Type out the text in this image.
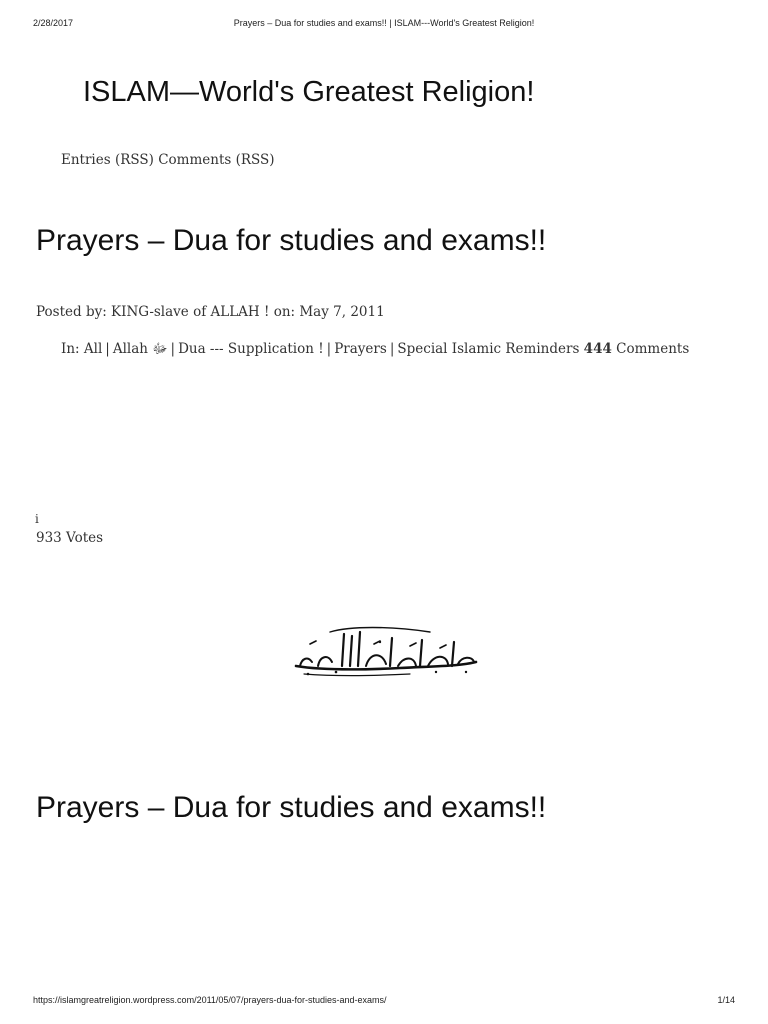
2/28/2017	Prayers – Dua for studies and exams!! | ISLAM---World's Greatest Religion!
ISLAM—World's Greatest Religion!
Entries (RSS) Comments (RSS)
Prayers – Dua for studies and exams!!
Posted by: KING-slave of ALLAH ! on: May 7, 2011
In: All | Allah ﷻ | Dua --- Supplication ! | Prayers | Special Islamic Reminders 444 Comments
i
933 Votes
Prayers – Dua for studies and exams!!
https://islamgreatreligion.wordpress.com/2011/05/07/prayers-dua-for-studies-and-exams/	1/14
